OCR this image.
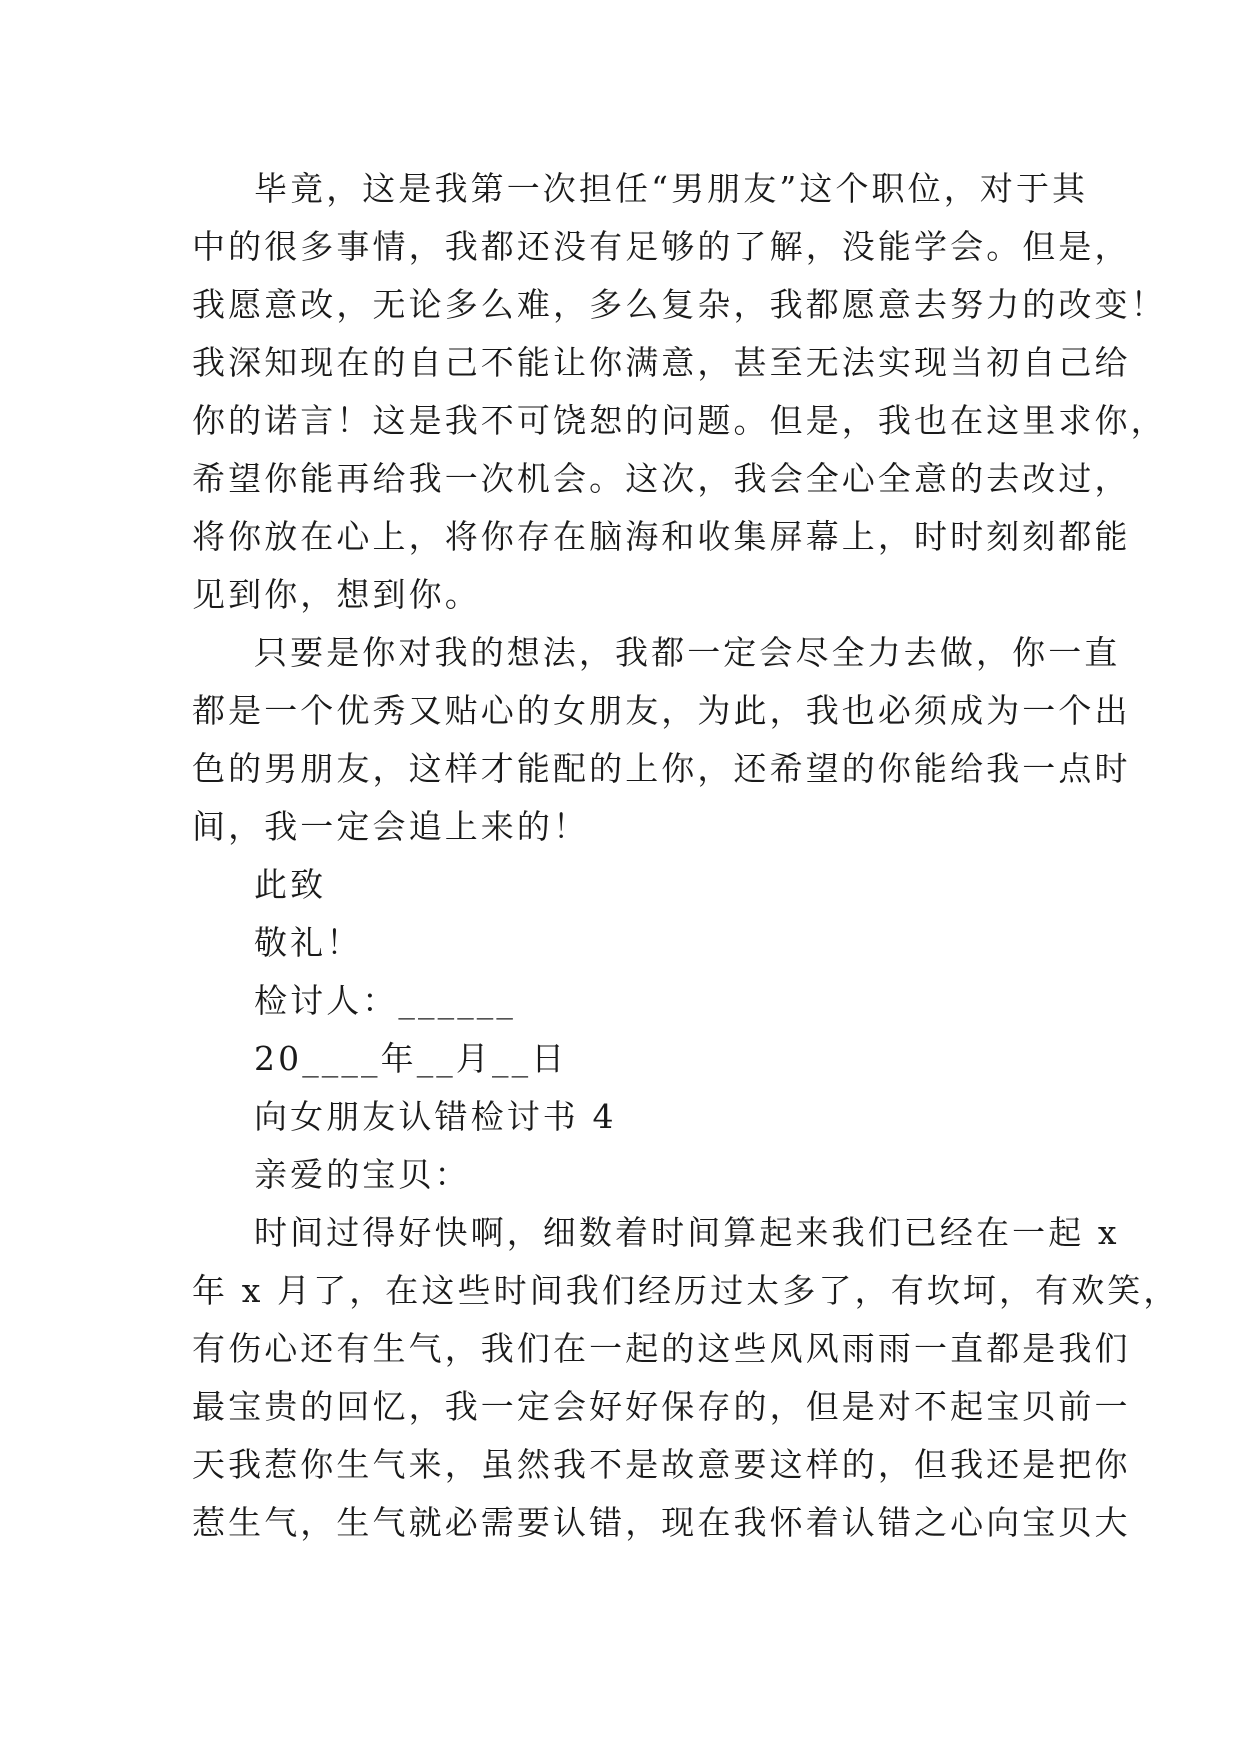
毕竟，这是我第一次担任“男朋友”这个职位，对于其
中的很多事情，我都还没有足够的了解，没能学会。但是，
我愿意改，无论多么难，多么复杂，我都愿意去努力的改变！
我深知现在的自己不能让你满意，甚至无法实现当初自己给
你的诺言！这是我不可饶恕的问题。但是，我也在这里求你，
希望你能再给我一次机会。这次，我会全心全意的去改过，
将你放在心上，将你存在脑海和收集屏幕上，时时刻刻都能
见到你，想到你。
只要是你对我的想法，我都一定会尽全力去做，你一直
都是一个优秀又贴心的女朋友，为此，我也必须成为一个出
色的男朋友，这样才能配的上你，还希望的你能给我一点时
间，我一定会追上来的！
此致
敬礼！
检讨人：______
20____年__月__日
向女朋友认错检讨书 4
亲爱的宝贝：
时间过得好快啊，细数着时间算起来我们已经在一起 x
年 x 月了，在这些时间我们经历过太多了，有坎坷，有欢笑，
有伤心还有生气，我们在一起的这些风风雨雨一直都是我们
最宝贵的回忆，我一定会好好保存的，但是对不起宝贝前一
天我惹你生气来，虽然我不是故意要这样的，但我还是把你
惹生气，生气就必需要认错，现在我怀着认错之心向宝贝大
